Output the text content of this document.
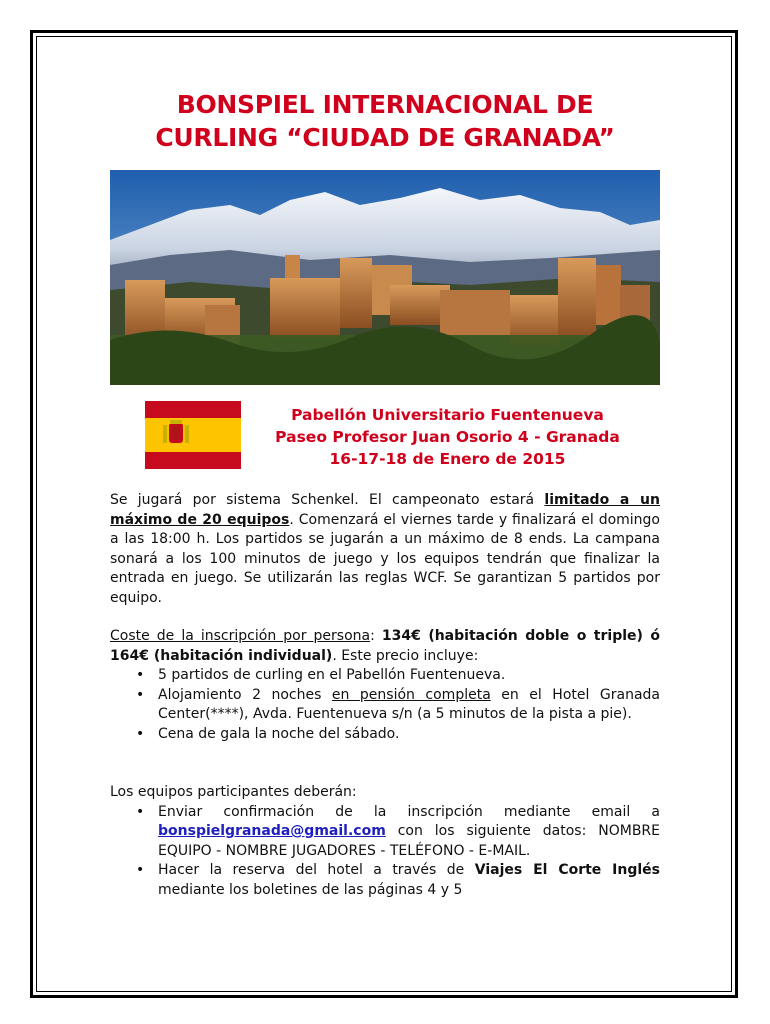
BONSPIEL INTERNACIONAL DE
CURLING “CIUDAD DE GRANADA”
Pabellón Universitario Fuentenueva
Paseo Profesor Juan Osorio 4 - Granada
16-17-18 de Enero de 2015
Se jugará por sistema Schenkel. El campeonato estará limitado a un máximo de 20 equipos. Comenzará el viernes tarde y finalizará el domingo a las 18:00 h. Los partidos se jugarán a un máximo de 8 ends. La campana sonará a los 100 minutos de juego y los equipos tendrán que finalizar la entrada en juego. Se utilizarán las reglas WCF. Se garantizan 5 partidos por equipo.
Coste de la inscripción por persona: 134€ (habitación doble o triple) ó 164€ (habitación individual). Este precio incluye:
• 5 partidos de curling en el Pabellón Fuentenueva.
• Alojamiento 2 noches en pensión completa en el Hotel Granada Center(****), Avda. Fuentenueva s/n (a 5 minutos de la pista a pie).
• Cena de gala la noche del sábado.
Los equipos participantes deberán:
• Enviar confirmación de la inscripción mediante email a bonspielgranada@gmail.com con los siguiente datos: NOMBRE EQUIPO - NOMBRE JUGADORES - TELÉFONO - E-MAIL.
• Hacer la reserva del hotel a través de Viajes El Corte Inglés mediante los boletines de las páginas 4 y 5
